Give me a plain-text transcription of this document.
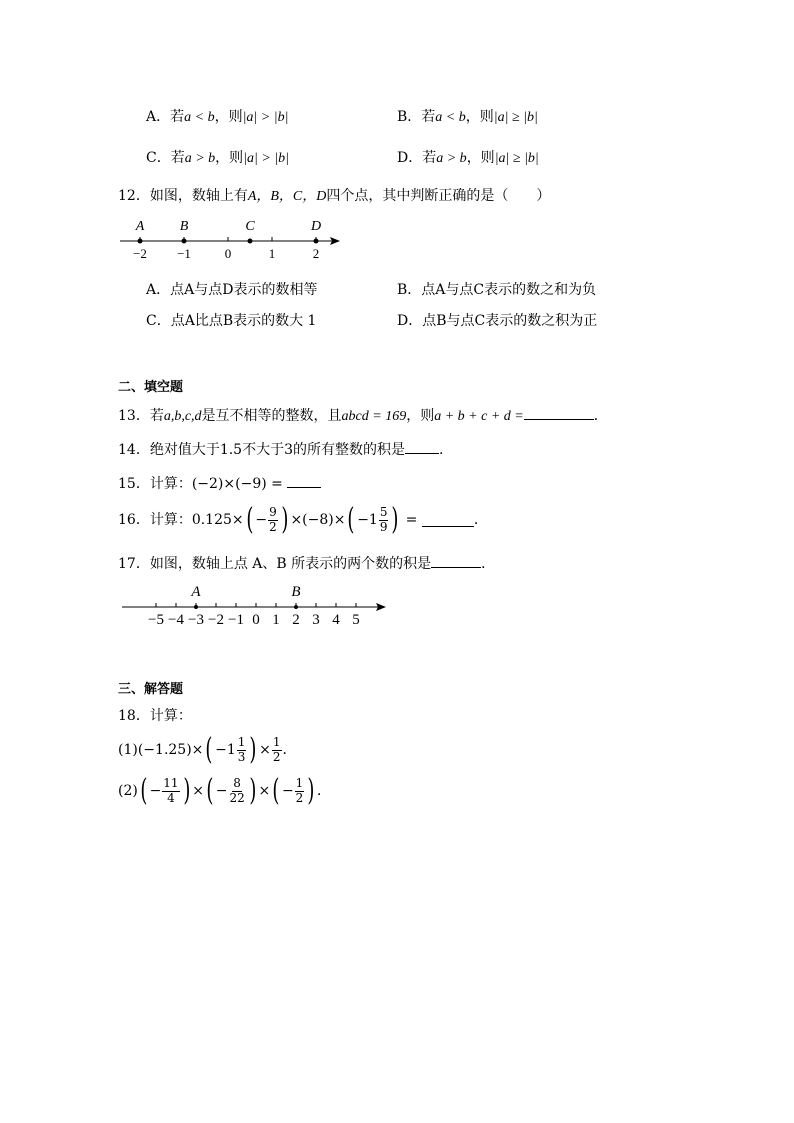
A．若a < b，则|a| > |b|	B．若a < b，则|a| ≥ |b|
C．若a > b，则|a| > |b|	D．若a > b，则|a| ≥ |b|
12．如图，数轴上有A，B，C，D四个点，其中判断正确的是（　　）
−2 −1	0	1	2
A	B	C	D
A．点A与点D表示的数相等	B．点A与点C表示的数之和为负
C．点A比点B表示的数大 1	D．点B与点C表示的数之积为正
二、填空题
13．若a,b,c,d是互不相等的整数，且abcd = 169，则a + b + c + d =	．
14．绝对值大于1.5不大于3的所有整数的积是 .
15．计算：(−2)×(−9) =
16．计算： 0.125× ( − $\frac{9}{2}$ ) ×(−8)× ( $-1 \frac{5}{9}$ )
=
	．
17．如图，数轴上点 A、B 所表示的两个数的积是	．
−5 −4 −3 −2 −1 0 1 2 3 4 5
A	B
三、解答题
18．计算：
(1) (−1.25) × ( $-1 \frac{1}{3}$ ) × $\frac{1}{2}$ ．
(2) ( − $\frac{11}{4}$ ) × ( − $\frac{8}{22}$ ) × ( − $\frac{1}{2}$ ) ．
